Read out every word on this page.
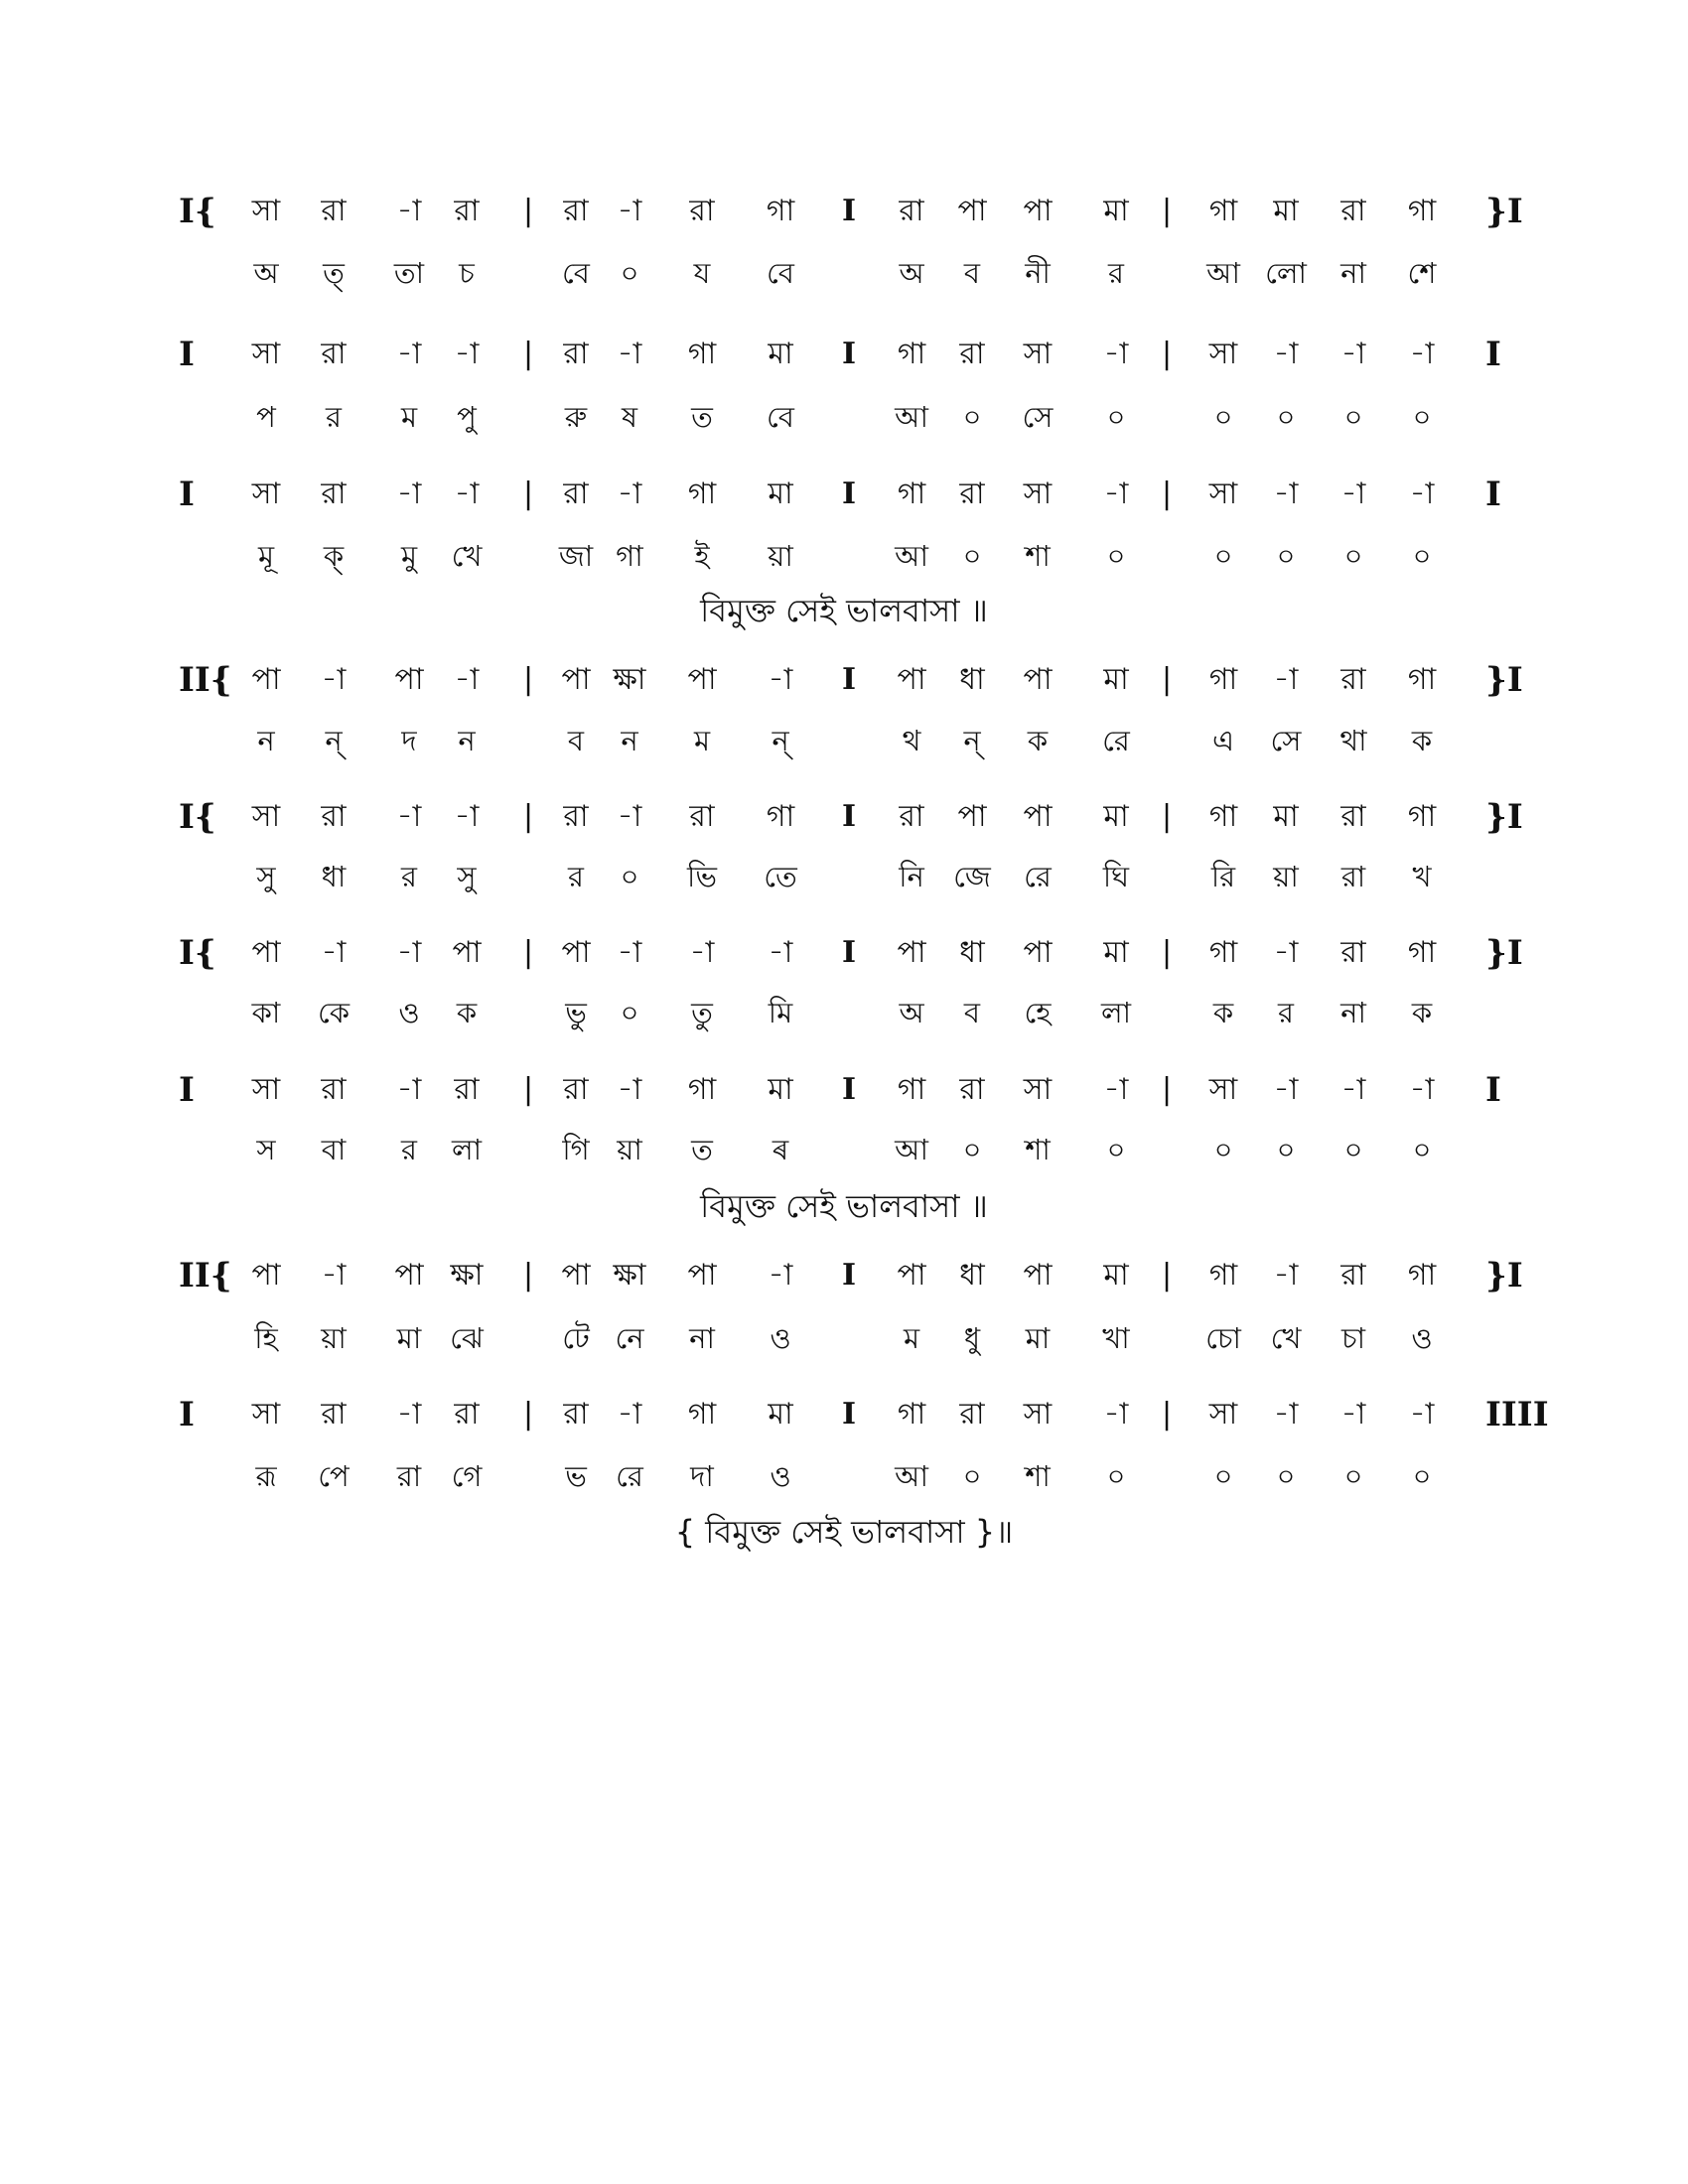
I{ সা রা -া রা | রা -া রা গা I রা পা পা মা | গা মা রা গা }I
অ ত্ তা চ	বে ০ য বে	অ ব নী র	আ লো না শে
I সা রা -া -া | রা -া গা মা I গা রা সা -া | সা -া -া -া I
প র ম পু	রু ষ ত বে	আ ০ সে ০	০ ০ ০ ০
I সা রা -া -া | রা -া গা মা I গা রা সা -া | সা -া -া -া I
মূ ক্ মু খে	জা গা ই য়া	আ ০ শা ০	০ ০ ০ ০
বিমুক্ত সেই ভালবাসা ॥
II{ পা -া পা -া | পা ক্ষা পা -া I পা ধা পা মা | গা -া রা গা }I
ন ন্ দ ন	ব ন ম ন্	থ ন্ ক রে	এ সে থা ক
I{ সা রা -া -া | রা -া রা গা I রা পা পা মা | গা মা রা গা }I
সু ধা র সু	র ০ ভি তে	নি জে রে ঘি	রি য়া রা খ
I{ পা -া -া পা | পা -া -া -া I পা ধা পা মা | গা -া রা গা }I
কা কে ও ক	ভু ০ তু মি	অ ব হে লা	ক র না ক
I সা রা -া রা | রা -া গা মা I গা রা সা -া | সা -া -া -া I
স বা র লা	গি য়া ত ৰ	আ ০ শা ০	০ ০ ০ ০
বিমুক্ত সেই ভালবাসা ॥
II{ পা -া পা ক্ষা | পা ক্ষা পা -া I পা ধা পা মা | গা -া রা গা }I
হি য়া মা ঝে	টে নে না ও	ম ধু মা খা	চো খে চা ও
I সা রা -া রা | রা -া গা মা I গা রা সা -া | সা -া -া -া IIII
রূ পে রা গে	ভ রে দা ও	আ ০ শা ০	০ ০ ০ ০
{ বিমুক্ত সেই ভালবাসা }॥
